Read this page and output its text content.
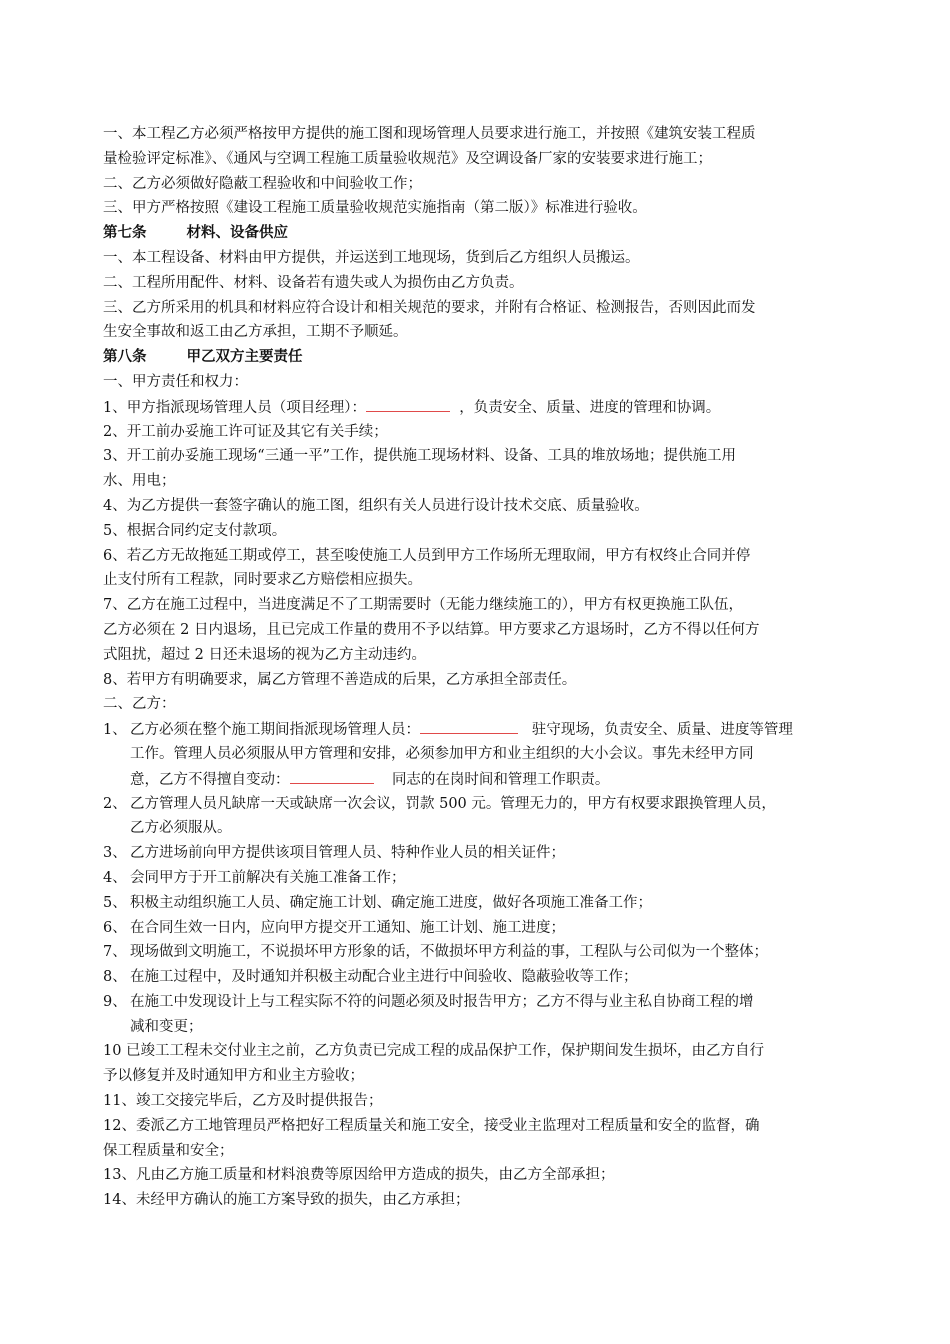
一、本工程乙方必须严格按甲方提供的施工图和现场管理人员要求进行施工，并按照《建筑安装工程质
量检验评定标准》、《通风与空调工程施工质量验收规范》及空调设备厂家的安装要求进行施工；
二、乙方必须做好隐蔽工程验收和中间验收工作；
三、甲方严格按照《建设工程施工质量验收规范实施指南（第二版）》标准进行验收。
第七条	材料、设备供应
一、本工程设备、材料由甲方提供，并运送到工地现场，货到后乙方组织人员搬运。
二、工程所用配件、材料、设备若有遗失或人为损伤由乙方负责。
三、乙方所采用的机具和材料应符合设计和相关规范的要求，并附有合格证、检测报告，否则因此而发
生安全事故和返工由乙方承担，工期不予顺延。
第八条	甲乙双方主要责任
一、甲方责任和权力：
1、甲方指派现场管理人员（项目经理）：	，负责安全、质量、进度的管理和协调。
2、开工前办妥施工许可证及其它有关手续；
3、开工前办妥施工现场“三通一平”工作，提供施工现场材料、设备、工具的堆放场地；提供施工用
水、用电；
4、为乙方提供一套签字确认的施工图，组织有关人员进行设计技术交底、质量验收。
5、根据合同约定支付款项。
6、若乙方无故拖延工期或停工，甚至唆使施工人员到甲方工作场所无理取闹，甲方有权终止合同并停
止支付所有工程款，同时要求乙方赔偿相应损失。
7、乙方在施工过程中，当进度满足不了工期需要时（无能力继续施工的），甲方有权更换施工队伍，
乙方必须在 2 日内退场，且已完成工作量的费用不予以结算。甲方要求乙方退场时，乙方不得以任何方
式阻扰，超过 2 日还未退场的视为乙方主动违约。
8、若甲方有明确要求，属乙方管理不善造成的后果，乙方承担全部责任。
二、乙方：
1、 乙方必须在整个施工期间指派现场管理人员：	驻守现场，负责安全、质量、进度等管理
工作。管理人员必须服从甲方管理和安排，必须参加甲方和业主组织的大小会议。事先未经甲方同
意，乙方不得擅自变动：	同志的在岗时间和管理工作职责。
2、 乙方管理人员凡缺席一天或缺席一次会议，罚款 500 元。管理无力的，甲方有权要求跟换管理人员，
乙方必须服从。
3、 乙方进场前向甲方提供该项目管理人员、特种作业人员的相关证件；
4、 会同甲方于开工前解决有关施工准备工作；
5、 积极主动组织施工人员、确定施工计划、确定施工进度，做好各项施工准备工作；
6、 在合同生效一日内，应向甲方提交开工通知、施工计划、施工进度；
7、 现场做到文明施工，不说损坏甲方形象的话，不做损坏甲方利益的事，工程队与公司似为一个整体；
8、 在施工过程中，及时通知并积极主动配合业主进行中间验收、隐蔽验收等工作；
9、 在施工中发现设计上与工程实际不符的问题必须及时报告甲方；乙方不得与业主私自协商工程的增
减和变更；
10 已竣工工程未交付业主之前，乙方负责已完成工程的成品保护工作，保护期间发生损坏，由乙方自行
予以修复并及时通知甲方和业主方验收；
11、竣工交接完毕后，乙方及时提供报告；
12、委派乙方工地管理员严格把好工程质量关和施工安全，接受业主监理对工程质量和安全的监督，确
保工程质量和安全；
13、凡由乙方施工质量和材料浪费等原因给甲方造成的损失，由乙方全部承担；
14、未经甲方确认的施工方案导致的损失，由乙方承担；
